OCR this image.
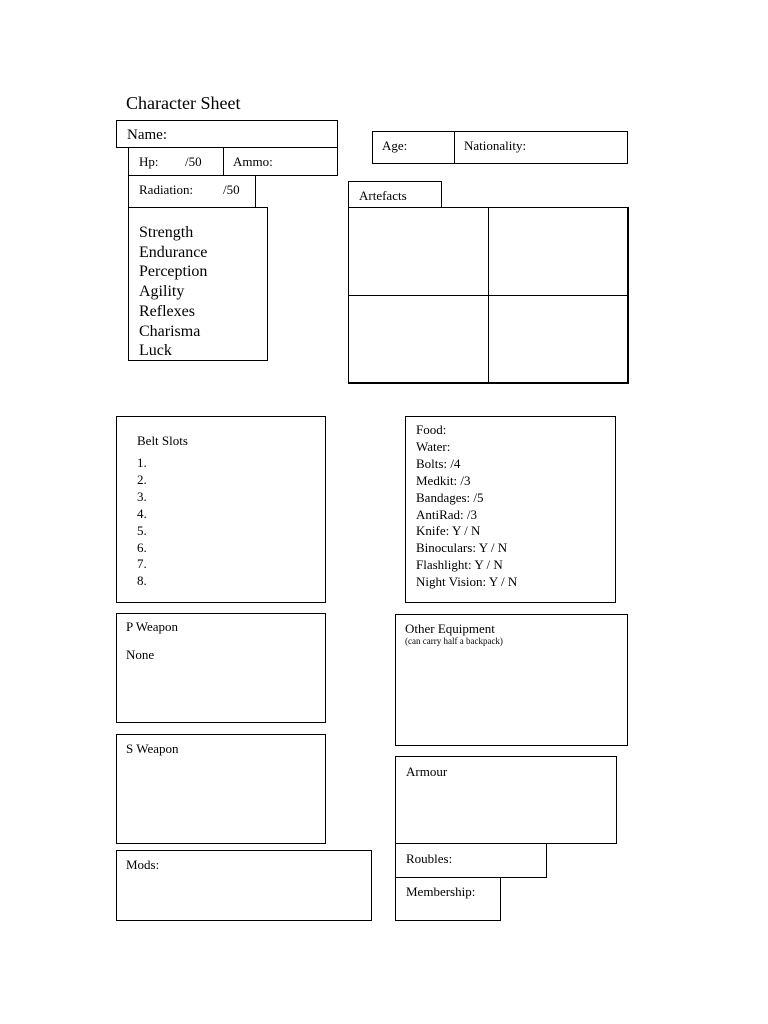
Character Sheet
Name:
Hp: /50 Ammo:
Radiation: /50
Strength
Endurance
Perception
Agility
Reflexes
Charisma
Luck
Age:	Nationality:
Artefacts
Belt Slots
1.
2.
3.
4.
5.
6.
7.
8.
Food:
Water:
Bolts: /4
Medkit: /3
Bandages: /5
AntiRad: /3
Knife: Y / N
Binoculars: Y / N
Flashlight: Y / N
Night Vision: Y / N
P Weapon
None
Other Equipment
(can carry half a backpack)
S Weapon
Armour
Mods:	Roubles:
Membership:
